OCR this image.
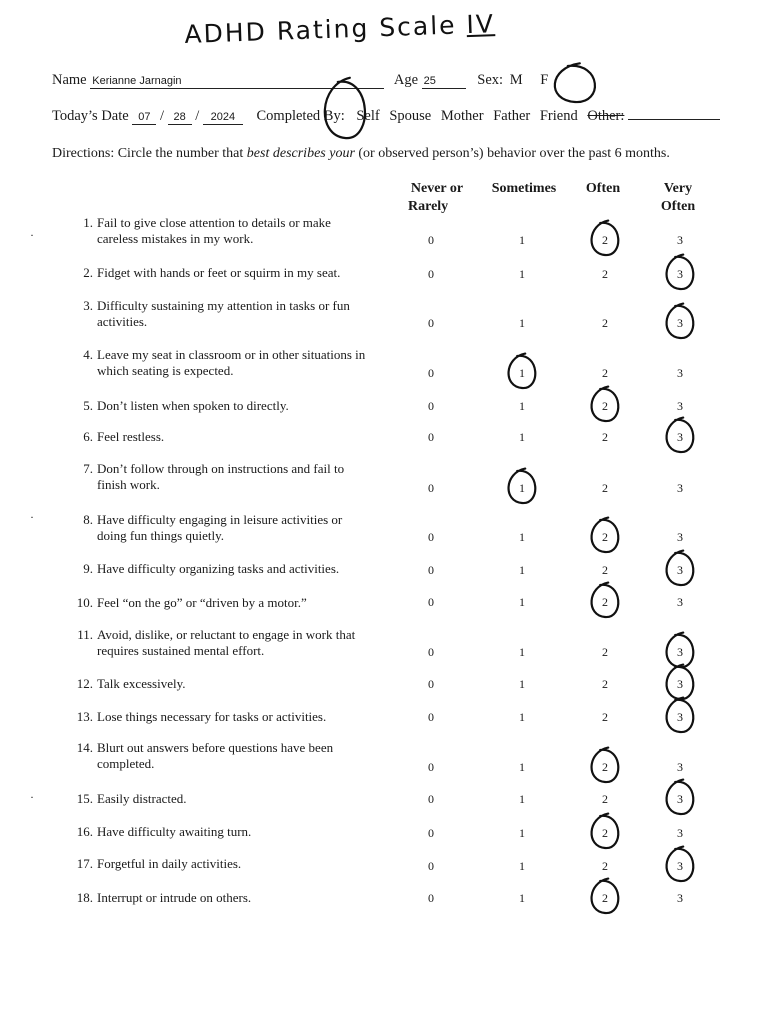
ADHD Rating Scale IV
Name Kerianne Jarnagin	Age 25	Sex: M F
Today’s Date 07 / 28 / 2024 Completed By: Self Spouse Mother Father Friend Other:
Directions: Circle the number that best describes your (or observed person’s) behavior over the past 6 months.
Never or
Rarely
Sometimes	Often	Very
Often
1. Fail to give close attention to details or make careless mistakes in my work.	0	1	2	3
2. Fidget with hands or feet or squirm in my seat.	0	1	2	3
3. Difficulty sustaining my attention in tasks or fun activities.	0	1	2	3
4. Leave my seat in classroom or in other situations in which seating is expected.	0	1	2	3
5. Don’t listen when spoken to directly.	0	1	2	3
6. Feel restless.	0	1	2	3
7. Don’t follow through on instructions and fail to finish work.	0	1	2	3
8. Have difficulty engaging in leisure activities or doing fun things quietly.	0	1	2	3
9. Have difficulty organizing tasks and activities.	0	1	2	3
10. Feel “on the go” or “driven by a motor.”	0	1	2	3
11. Avoid, dislike, or reluctant to engage in work that requires sustained mental effort.	0	1	2	3
12. Talk excessively.	0	1	2	3
13. Lose things necessary for tasks or activities.	0	1	2	3
14. Blurt out answers before questions have been completed.	0	1	2	3
15. Easily distracted.	0	1	2	3
16. Have difficulty awaiting turn.	0	1	2	3
17. Forgetful in daily activities.	0	1	2	3
18. Interrupt or intrude on others.	0	1	2	3
·
·
·
